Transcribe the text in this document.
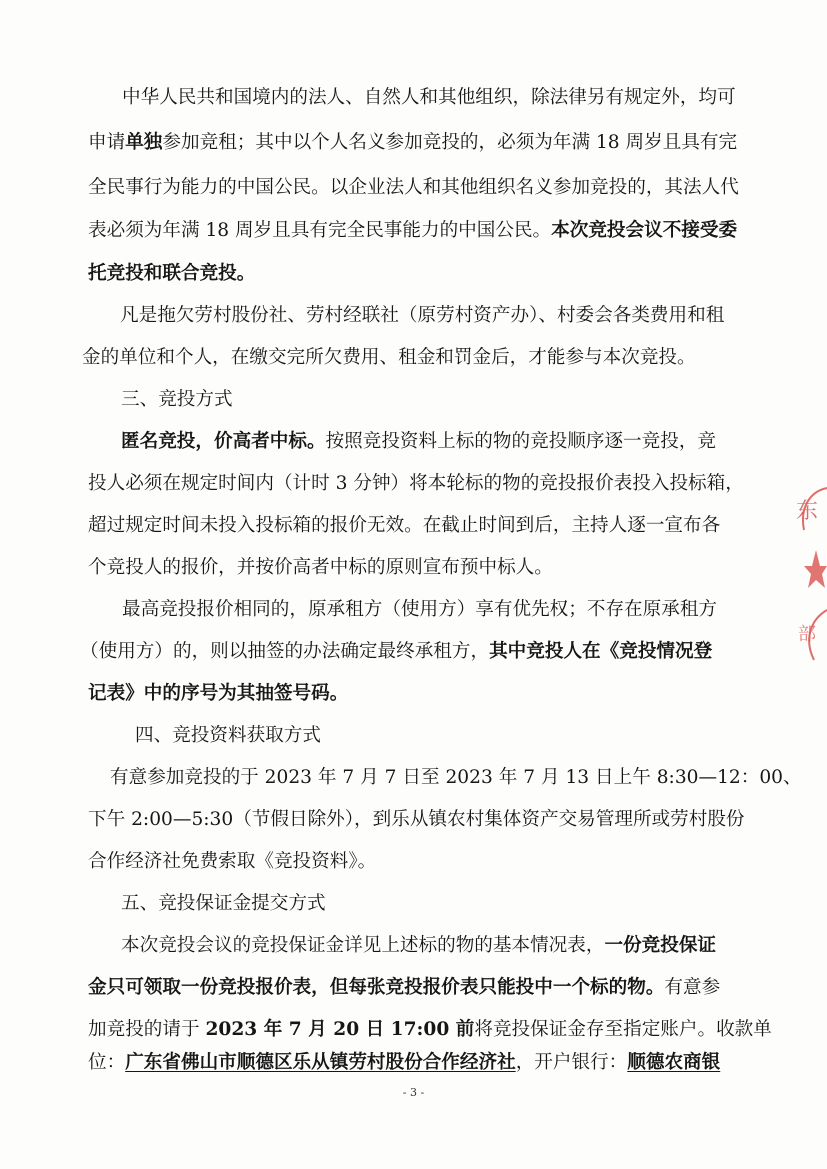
中华人民共和国境内的法人、自然人和其他组织，除法律另有规定外，均可
申请单独参加竞租；其中以个人名义参加竞投的，必须为年满 18 周岁且具有完
全民事行为能力的中国公民。以企业法人和其他组织名义参加竞投的，其法人代
表必须为年满 18 周岁且具有完全民事能力的中国公民。本次竞投会议不接受委
托竞投和联合竞投。
凡是拖欠劳村股份社、劳村经联社（原劳村资产办）、村委会各类费用和租
金的单位和个人，在缴交完所欠费用、租金和罚金后，才能参与本次竞投。
三、竞投方式
匿名竞投，价高者中标。按照竞投资料上标的物的竞投顺序逐一竞投，竞
投人必须在规定时间内（计时 3 分钟）将本轮标的物的竞投报价表投入投标箱，
超过规定时间未投入投标箱的报价无效。在截止时间到后，主持人逐一宣布各
个竞投人的报价，并按价高者中标的原则宣布预中标人。
最高竞投报价相同的，原承租方（使用方）享有优先权；不存在原承租方
（使用方）的，则以抽签的办法确定最终承租方，其中竞投人在《竞投情况登
记表》中的序号为其抽签号码。
四、竞投资料获取方式
有意参加竞投的于 2023 年 7 月 7 日至 2023 年 7 月 13 日上午 8:30—12：00、
下午 2:00—5:30（节假日除外），到乐从镇农村集体资产交易管理所或劳村股份
合作经济社免费索取《竞投资料》。
五、竞投保证金提交方式
本次竞投会议的竞投保证金详见上述标的物的基本情况表，一份竞投保证
金只可领取一份竞投报价表，但每张竞投报价表只能投中一个标的物。有意参
加竞投的请于 2023 年 7 月 20 日 17:00 前将竞投保证金存至指定账户。收款单
位：广东省佛山市顺德区乐从镇劳村股份合作经济社，开户银行：顺德农商银
- 3 -
东
部
